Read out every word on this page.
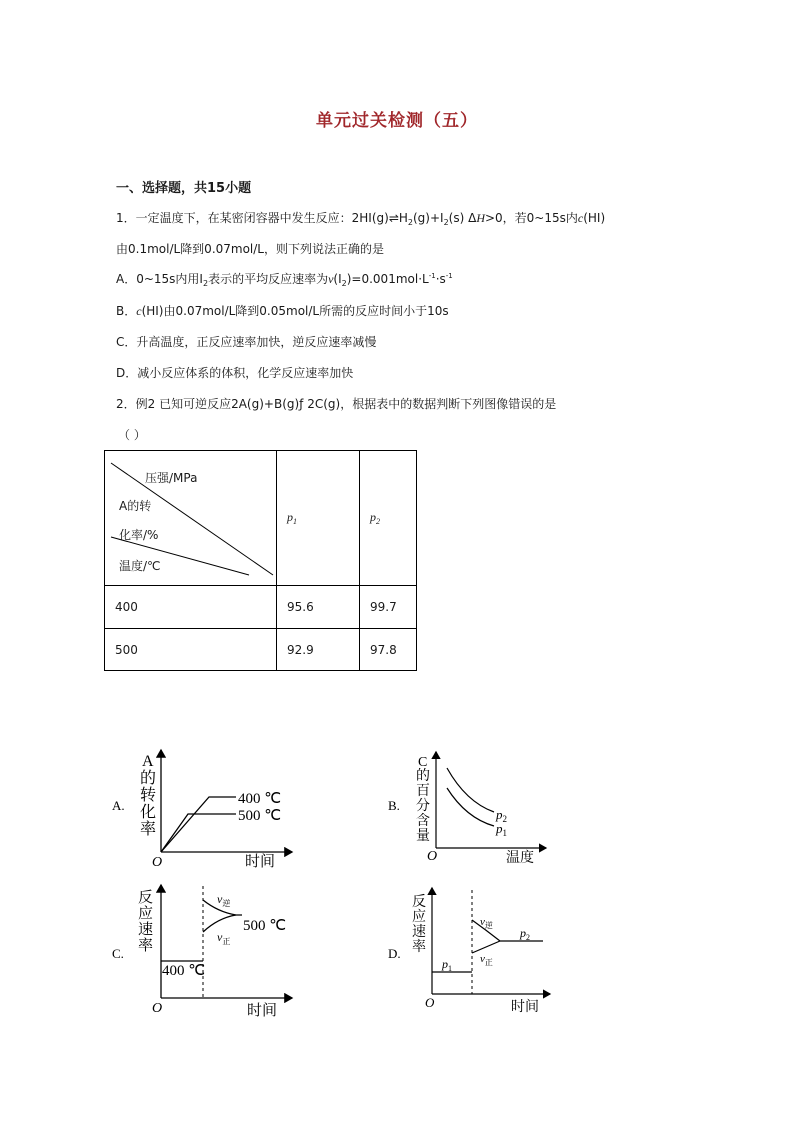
单元过关检测（五）
一、选择题，共15小题
1．一定温度下，在某密闭容器中发生反应：$2HI(g)\rightleftharpoons H_2(g)+I_2(s)$ ΔH>0，若0~15s内c(HI)
由0.1mol/L降到0.07mol/L，则下列说法正确的是
A．0~15s内用$I_2$表示的平均反应速率为$v(I_2)=0.001mol\cdot L^{-1}\cdot s^{-1}$
B．c(HI)由0.07mol/L降到0.05mol/L所需的反应时间小于10s
C．升高温度，正反应速率加快，逆反应速率减慢
D．减小反应体系的体积，化学反应速率加快
2．例2 已知可逆反应2A(g)+B(g)ƒ 2C(g)，根据表中的数据判断下列图像错误的是
（ ）
压强/MPa
A的转
化率/%
温度/℃	$p_1$	$p_2$
400	95.6	99.7
500	92.9	97.8
A.
A
的
转
化
率
400 ℃
500 ℃
O	时间
B.
C
的
百
分
含
量
$p_2$
$p_1$
O	温度
C.
反
应
速
率
$v_逆$
$v_正$
500 ℃
400 ℃
O	时间
D.
反
应
速
率
$v_逆$
$v_正$
$p_1$
$p_2$
O	时间
